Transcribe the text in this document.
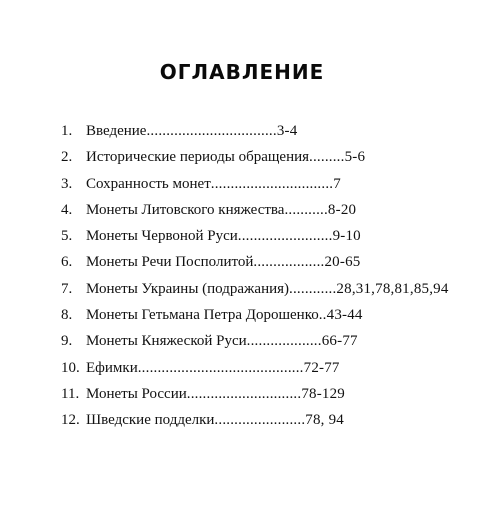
ОГЛАВЛЕНИЕ
1. Введение.................................3-4
2. Исторические периоды обращения.........5-6
3. Сохранность монет...............................7
4. Монеты Литовского княжества...........8-20
5. Монеты Червоной Руси........................9-10
6. Монеты Речи Посполитой..................20-65
7. Монеты Украины (подражания)............28,31,78,81,85,94
8. Монеты Гетьмана Петра Дорошенко..43-44
9. Монеты Княжеской Руси...................66-77
10. Ефимки..........................................72-77
11. Монеты России.............................78-129
12. Шведские подделки.......................78, 94
